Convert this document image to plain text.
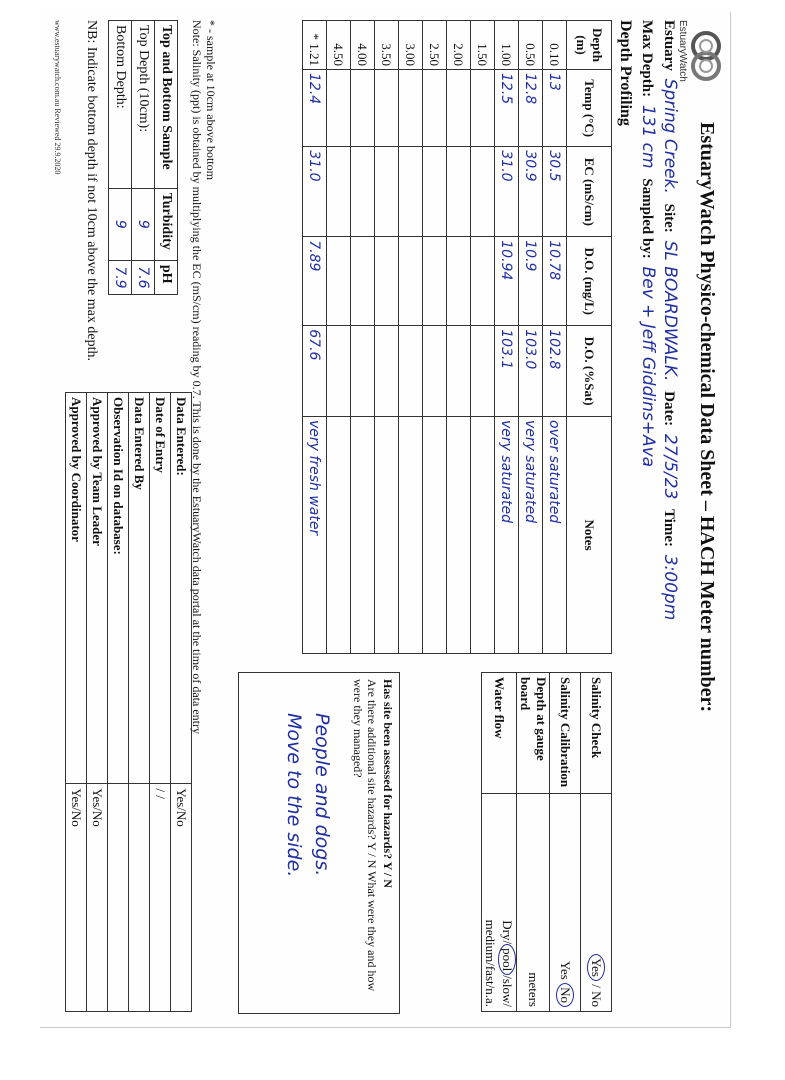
EstuaryWatch
EstuaryWatch Physico-chemical Data Sheet – HACH Meter number:
Estuary Spring Creek. Site: SL BOARDWALK. Date: 27/5/23 Time: 3:00pm
Max Depth: 131 cm Sampled by: Bev + Jeff Giddins+Ava
Depth Profiling
Depth (m)	Temp (°C)	EC (mS/cm)	D.O. (mg/L)	D.O. (%Sat)	Notes
0.10	13	30.5	10.78	102.8	over saturated
0.50	12.8	30.9	10.9	103.0	very saturated
1.00	12.5	31.0	10.94	103.1	very saturated
1.50					
2.00					
2.50					
3.00					
3.50					
4.00					
4.50					
* 1.21	12.4	31.0	7.89	67.6	very fresh water
* - sample at 10cm above bottom
Note: Salinity (ppt) is obtained by multiplying the EC (mS/cm) reading by 0.7. This is done by the EstuaryWatch data portal at the time of data entry
Top and Bottom Sample	Turbidity	pH
Top Depth (10cm):	9	7.6
Bottom Depth:	9	7.9
NB: Indicate bottom depth if not 10cm above the max depth.
www.estuarywatch.com.au Reviewed 29.9.2020
Salinity Check	Yes / No
Salinity Calibration	Yes No
Depth at gauge board	meters
Water flow	Dry/pool/slow/
medium/fast/n.a.
Has site been assessed for hazards? Y / N
Are there additional site hazards? Y / N What were they and how were they managed?
People and dogs.
Move to the side.
Data Entered:	Yes/No
Date of Entry	/ /
Data Entered By	
Observation Id on database:	
Approved by Team Leader	Yes/No
Approved by Coordinator	Yes/No
